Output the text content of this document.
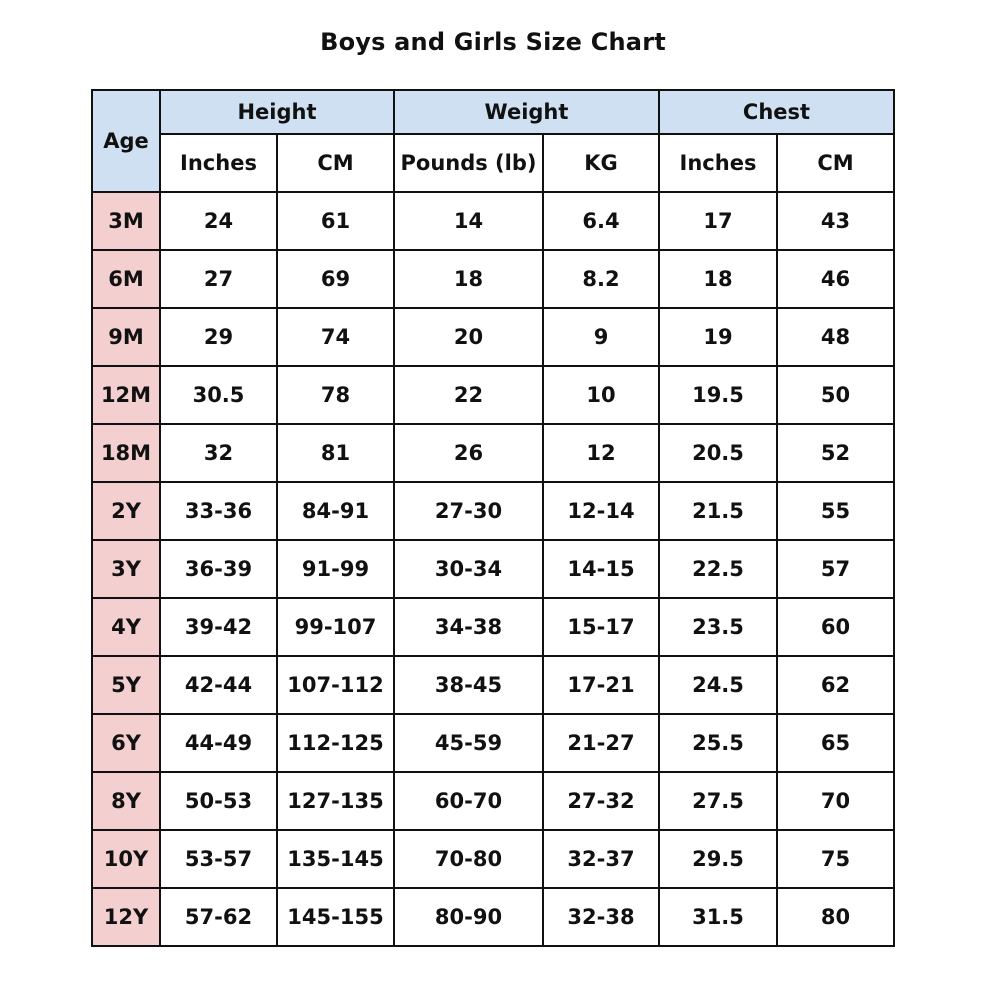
Boys and Girls Size Chart
Age	Height		Weight		Chest	
	Inches	CM	Pounds (lb)	KG	Inches	CM
3M	24	61	14	6.4	17	43
6M	27	69	18	8.2	18	46
9M	29	74	20	9	19	48
12M	30.5	78	22	10	19.5	50
18M	32	81	26	12	20.5	52
2Y	33-36	84-91	27-30	12-14	21.5	55
3Y	36-39	91-99	30-34	14-15	22.5	57
4Y	39-42	99-107	34-38	15-17	23.5	60
5Y	42-44	107-112	38-45	17-21	24.5	62
6Y	44-49	112-125	45-59	21-27	25.5	65
8Y	50-53	127-135	60-70	27-32	27.5	70
10Y	53-57	135-145	70-80	32-37	29.5	75
12Y	57-62	145-155	80-90	32-38	31.5	80
